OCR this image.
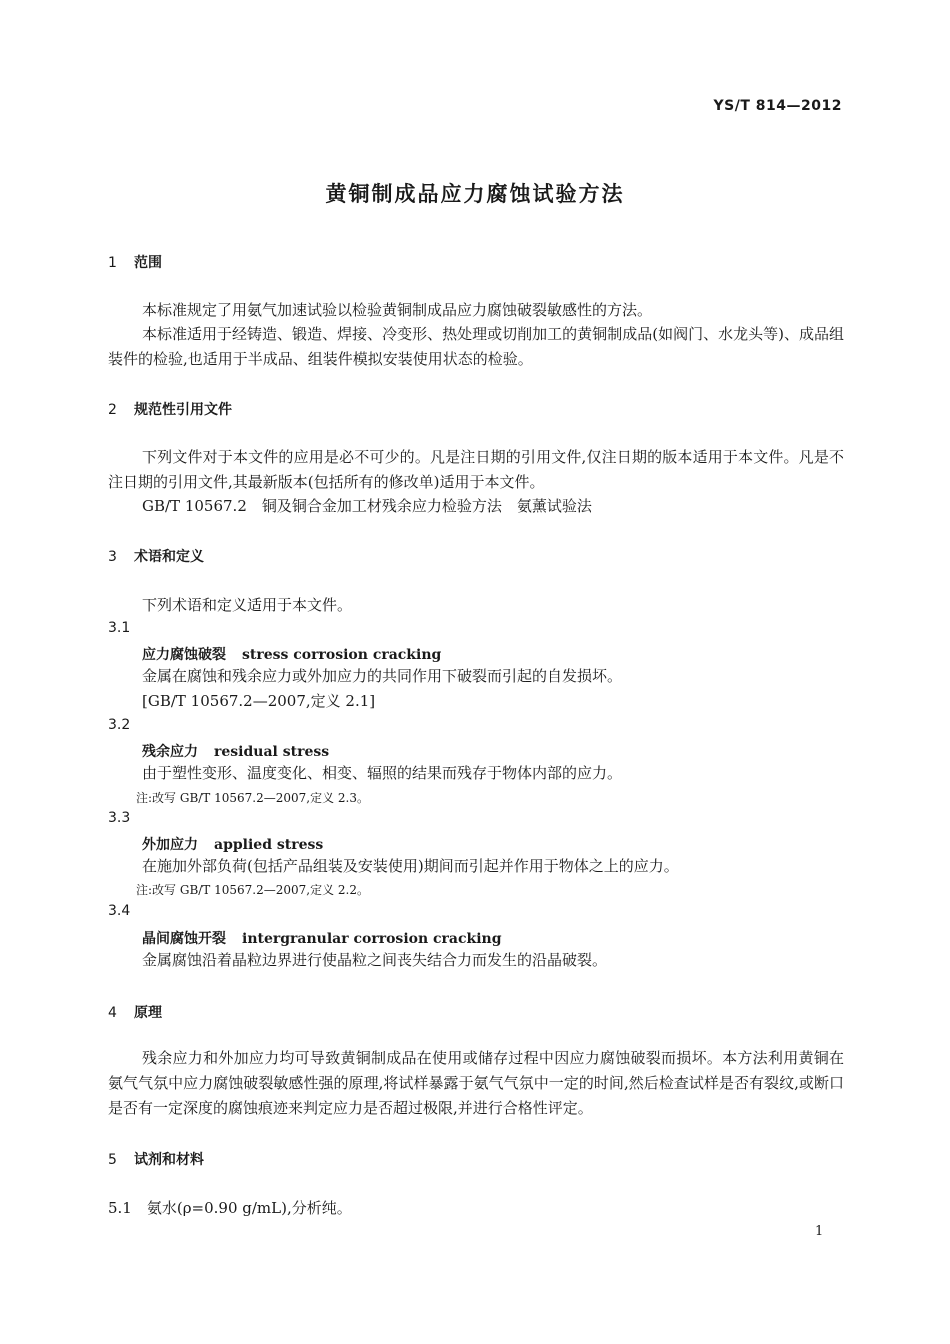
YS/T 814—2012
黄铜制成品应力腐蚀试验方法
1 范围
本标准规定了用氨气加速试验以检验黄铜制成品应力腐蚀破裂敏感性的方法。
本标准适用于经铸造、锻造、焊接、冷变形、热处理或切削加工的黄铜制成品(如阀门、水龙头等)、成品组装件的检验,也适用于半成品、组装件模拟安装使用状态的检验。
2 规范性引用文件
下列文件对于本文件的应用是必不可少的。凡是注日期的引用文件,仅注日期的版本适用于本文件。凡是不注日期的引用文件,其最新版本(包括所有的修改单)适用于本文件。
GB/T 10567.2　铜及铜合金加工材残余应力检验方法　氨薰试验法
3 术语和定义
下列术语和定义适用于本文件。
3.1
应力腐蚀破裂 stress corrosion cracking
金属在腐蚀和残余应力或外加应力的共同作用下破裂而引起的自发损坏。
[GB/T 10567.2—2007,定义 2.1]
3.2
残余应力 residual stress
由于塑性变形、温度变化、相变、辐照的结果而残存于物体内部的应力。
注:改写 GB/T 10567.2—2007,定义 2.3。
3.3
外加应力 applied stress
在施加外部负荷(包括产品组装及安装使用)期间而引起并作用于物体之上的应力。
注:改写 GB/T 10567.2—2007,定义 2.2。
3.4
晶间腐蚀开裂 intergranular corrosion cracking
金属腐蚀沿着晶粒边界进行使晶粒之间丧失结合力而发生的沿晶破裂。
4 原理
残余应力和外加应力均可导致黄铜制成品在使用或储存过程中因应力腐蚀破裂而损坏。本方法利用黄铜在氨气气氛中应力腐蚀破裂敏感性强的原理,将试样暴露于氨气气氛中一定的时间,然后检查试样是否有裂纹,或断口是否有一定深度的腐蚀痕迹来判定应力是否超过极限,并进行合格性评定。
5 试剂和材料
5.1　氨水(ρ=0.90 g/mL),分析纯。
1
